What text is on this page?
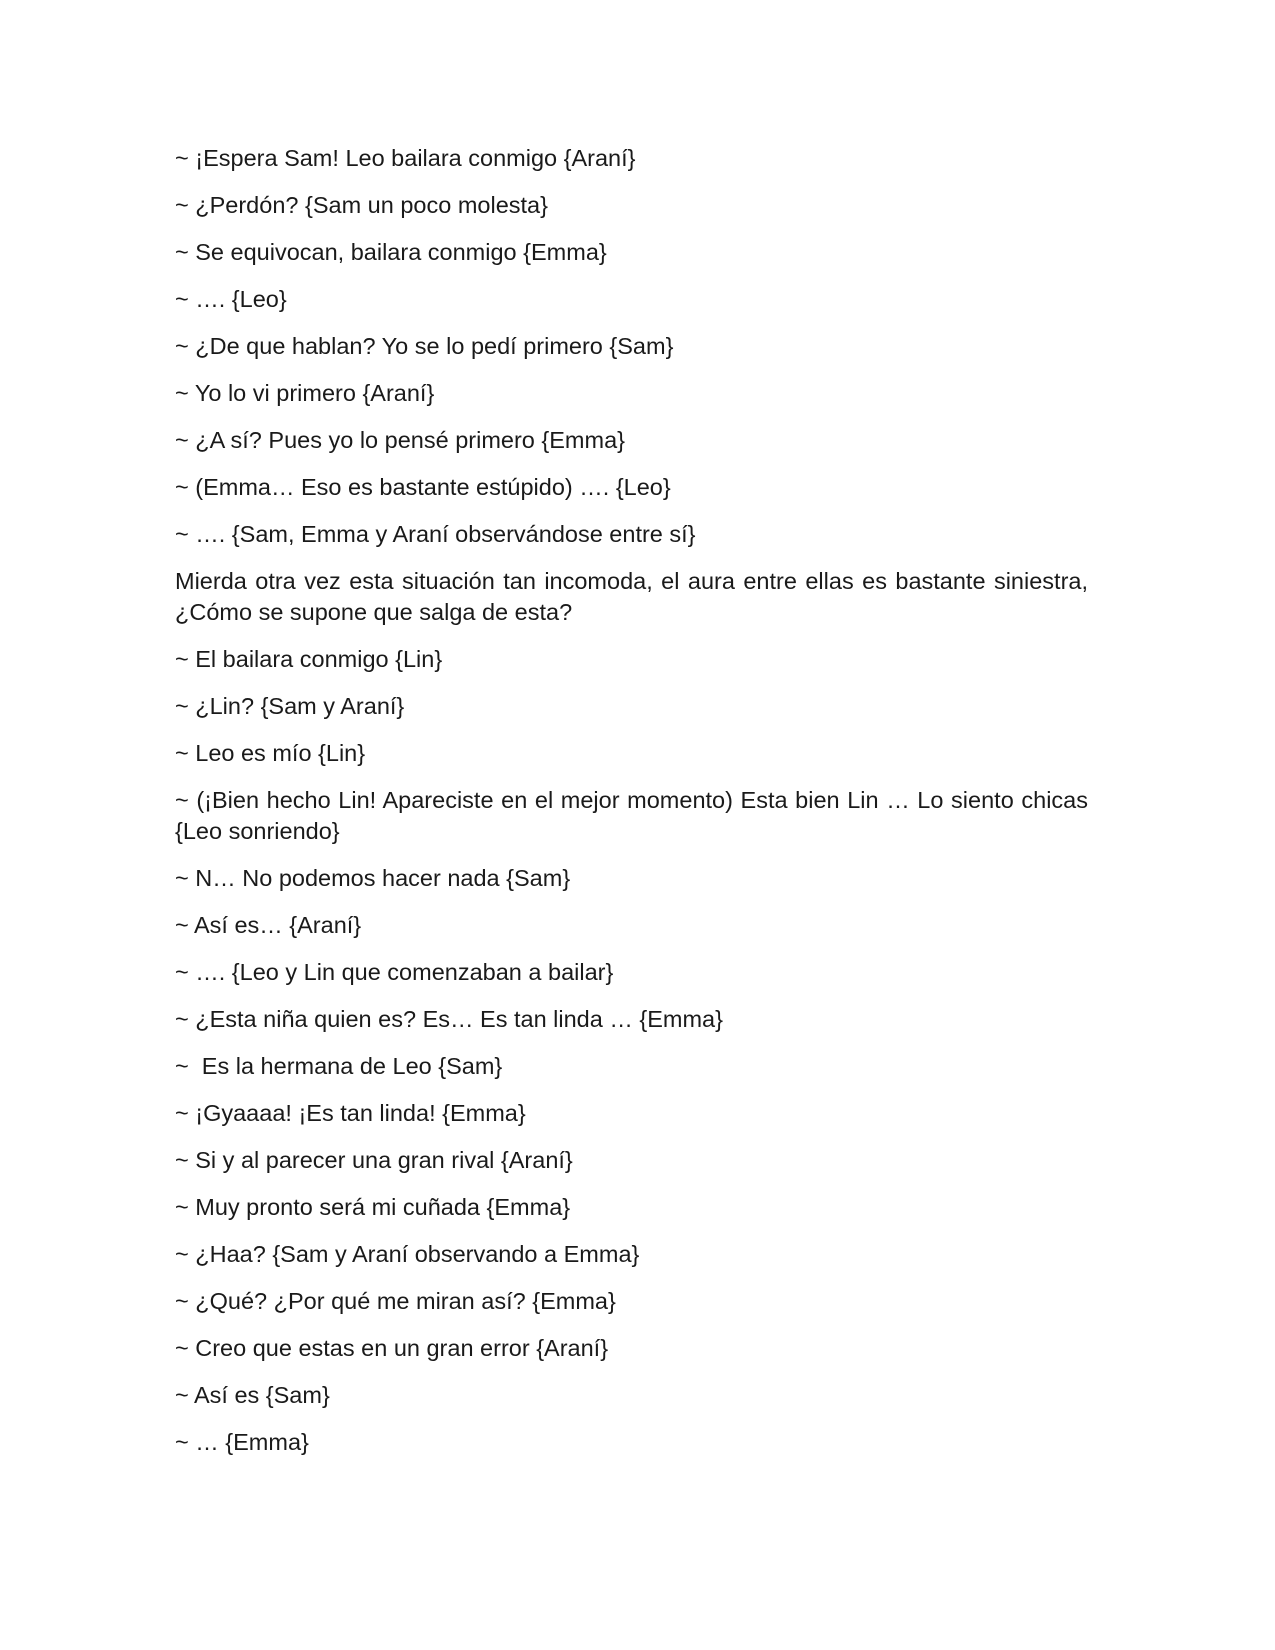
~ ¡Espera Sam! Leo bailara conmigo {Araní}

~ ¿Perdón? {Sam un poco molesta}

~ Se equivocan, bailara conmigo {Emma}

~ …. {Leo}

~ ¿De que hablan? Yo se lo pedí primero {Sam}

~ Yo lo vi primero {Araní}

~ ¿A sí? Pues yo lo pensé primero {Emma}

~ (Emma… Eso es bastante estúpido) …. {Leo}

~ …. {Sam, Emma y Araní observándose entre sí}

Mierda otra vez esta situación tan incomoda, el aura entre ellas es bastante siniestra, ¿Cómo se supone que salga de esta?

~ El bailara conmigo {Lin}

~ ¿Lin? {Sam y Araní}

~ Leo es mío {Lin}

~ (¡Bien hecho Lin! Apareciste en el mejor momento) Esta bien Lin … Lo siento chicas {Leo sonriendo}

~ N… No podemos hacer nada {Sam}

~ Así es… {Araní}

~ …. {Leo y Lin que comenzaban a bailar}

~ ¿Esta niña quien es? Es… Es tan linda … {Emma}

~  Es la hermana de Leo {Sam}

~ ¡Gyaaaa! ¡Es tan linda! {Emma}

~ Si y al parecer una gran rival {Araní}

~ Muy pronto será mi cuñada {Emma}

~ ¿Haa? {Sam y Araní observando a Emma}

~ ¿Qué? ¿Por qué me miran así? {Emma}

~ Creo que estas en un gran error {Araní}

~ Así es {Sam}

~ … {Emma}
